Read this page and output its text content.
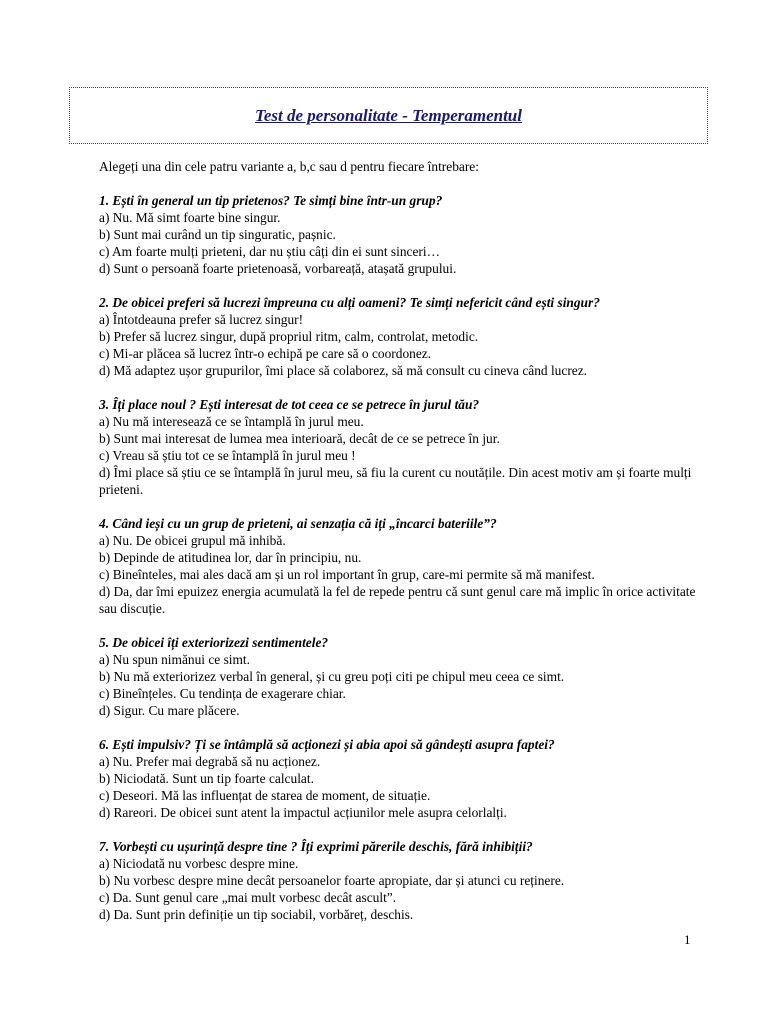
Test de personalitate - Temperamentul

Alegeți una din cele patru variante a, b,c sau d pentru fiecare întrebare:

1. Ești în general un tip prietenos? Te simți bine într-un grup?
a) Nu. Mă simt foarte bine singur.
b) Sunt mai curând un tip singuratic, pașnic.
c) Am foarte mulți prieteni, dar nu știu câți din ei sunt sinceri…
d) Sunt o persoană foarte prietenoasă, vorbareață, atașată grupului.
2. De obicei preferi să lucrezi împreuna cu alți oameni? Te simți nefericit când ești singur?
a) Întotdeauna prefer să lucrez singur!
b) Prefer să lucrez singur, după propriul ritm, calm, controlat, metodic.
c) Mi-ar plăcea să lucrez într-o echipă pe care să o coordonez.
d) Mă adaptez ușor grupurilor, îmi place să colaborez, să mă consult cu cineva când lucrez.
3. Îți place noul ? Ești interesat de tot ceea ce se petrece în jurul tău?
a) Nu mă interesează ce se întamplă în jurul meu.
b) Sunt mai interesat de lumea mea interioară, decât de ce se petrece în jur.
c) Vreau să știu tot ce se întamplă în jurul meu !
d) Îmi place să știu ce se întamplă în jurul meu, să fiu la curent cu noutățile. Din acest motiv am și foarte mulți prieteni.
4. Când ieși cu un grup de prieteni, ai senzația că iți „încarci bateriile”?
a) Nu. De obicei grupul mă inhibă.
b) Depinde de atitudinea lor, dar în principiu, nu.
c) Bineînteles, mai ales dacă am și un rol important în grup, care-mi permite să mă manifest.
d) Da, dar îmi epuizez energia acumulată la fel de repede pentru că sunt genul care mă implic în orice activitate sau discuție.
5. De obicei îți exteriorizezi sentimentele?
a) Nu spun nimănui ce simt.
b) Nu mă exteriorizez verbal în general, și cu greu poți citi pe chipul meu ceea ce simt.
c) Bineînțeles. Cu tendința de exagerare chiar.
d) Sigur. Cu mare plăcere.
6. Ești impulsiv? Ți se întâmplă să acționezi și abia apoi să gândești asupra faptei?
a) Nu. Prefer mai degrabă să nu acționez.
b) Niciodată. Sunt un tip foarte calculat.
c) Deseori. Mă las influențat de starea de moment, de situație.
d) Rareori. De obicei sunt atent la impactul acțiunilor mele asupra celorlalți.
7. Vorbești cu ușurință despre tine ? Îți exprimi părerile deschis, fără inhibiții?
a) Niciodată nu vorbesc despre mine.
b) Nu vorbesc despre mine decât persoanelor foarte apropiate, dar și atunci cu reținere.
c) Da. Sunt genul care „mai mult vorbesc decât ascult”.
d) Da. Sunt prin definiție un tip sociabil, vorbăreț, deschis.
1
